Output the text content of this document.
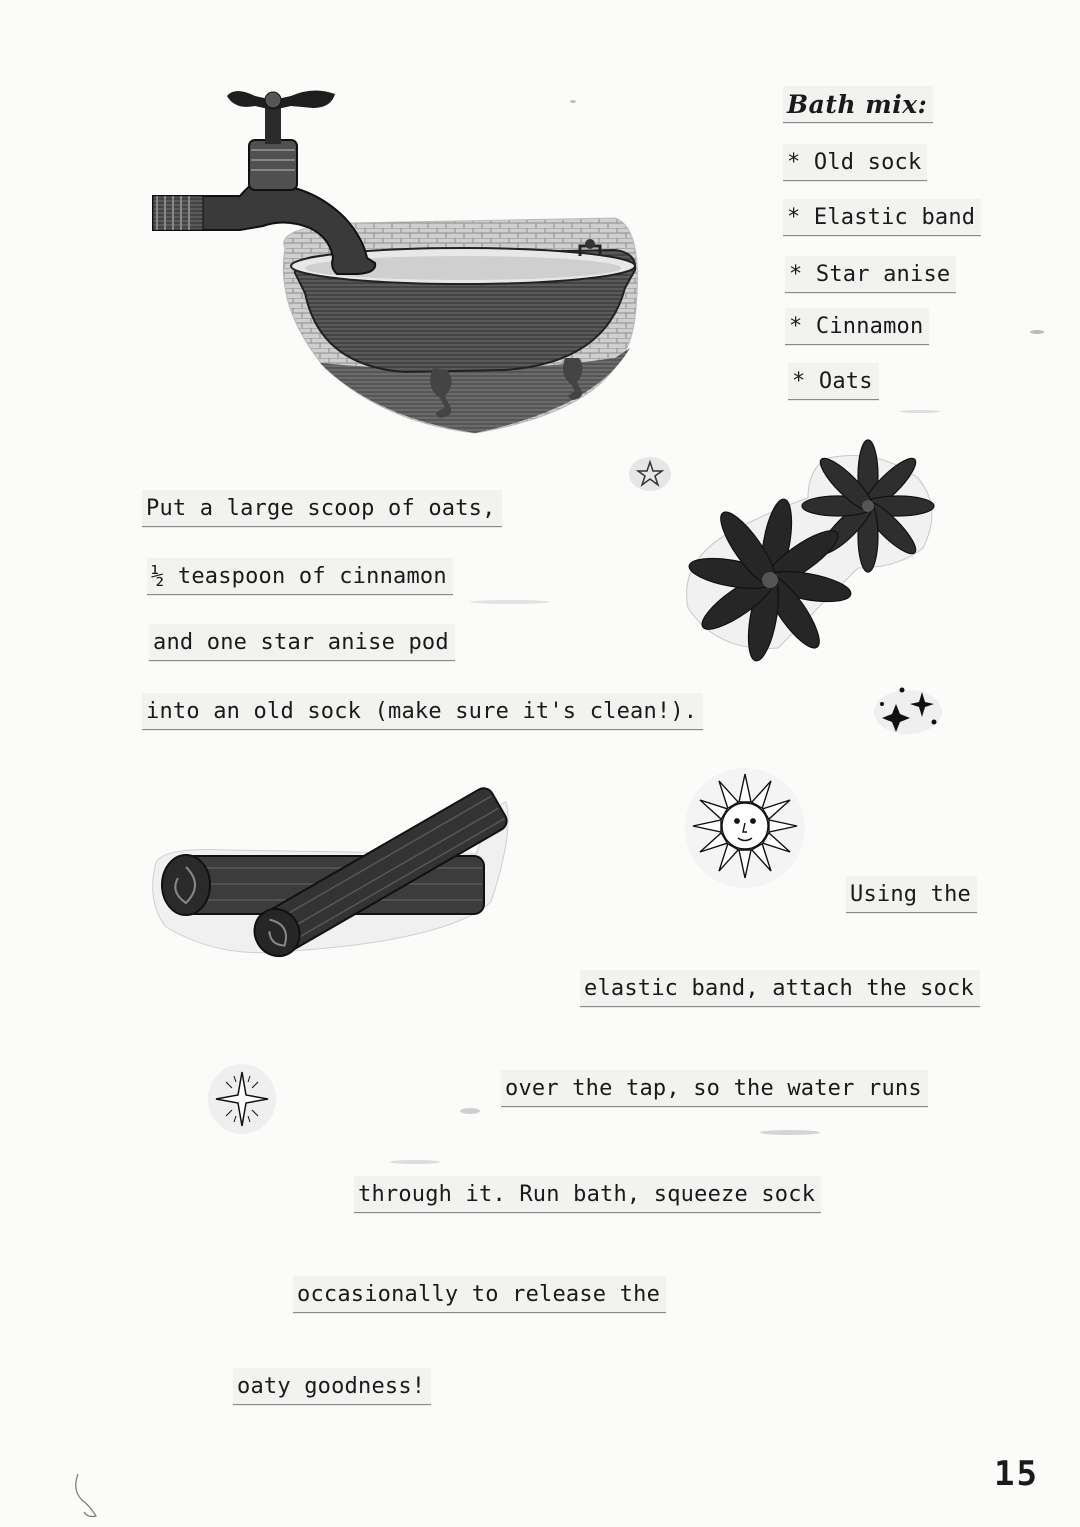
Bath mix:
* Old sock
* Elastic band
* Star anise
* Cinnamon
* Oats
Put a large scoop of oats,
½ teaspoon of cinnamon
and one star anise pod
into an old sock (make sure it's clean!).
Using the
elastic band, attach the sock
over the tap, so the water runs
through it. Run bath, squeeze sock
occasionally to release the
oaty goodness!
15
